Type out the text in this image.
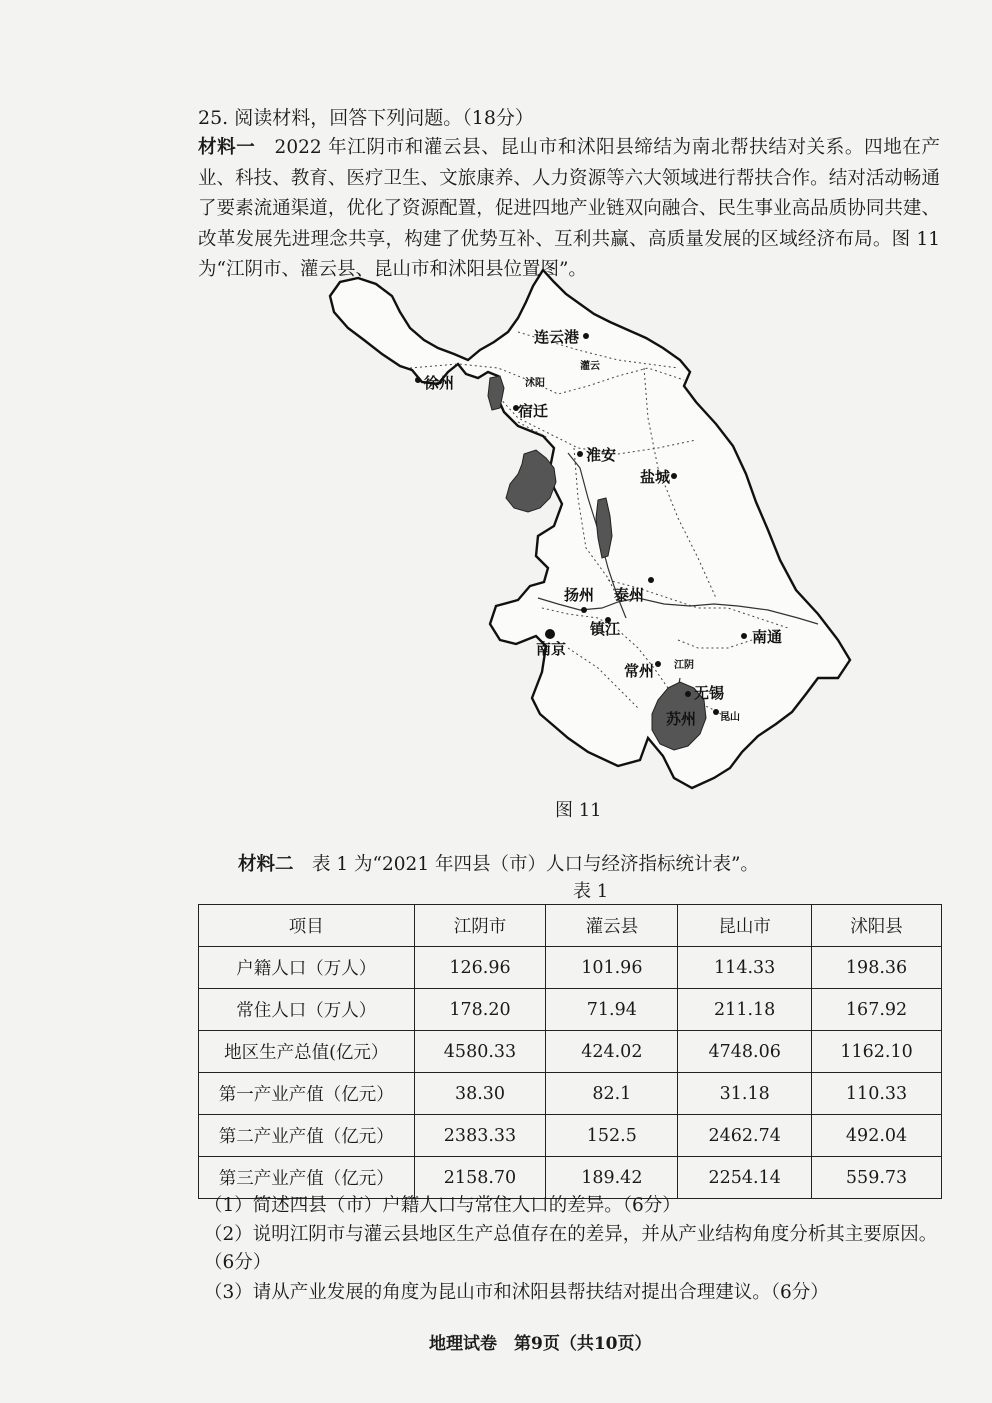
25. 阅读材料，回答下列问题。（18分）
材料一　2022 年江阴市和灌云县、昆山市和沭阳县缔结为南北帮扶结对关系。四地在产业、科技、教育、医疗卫生、文旅康养、人力资源等六大领域进行帮扶合作。结对活动畅通了要素流通渠道，优化了资源配置，促进四地产业链双向融合、民生事业高品质协同共建、改革发展先进理念共享，构建了优势互补、互利共赢、高质量发展的区域经济布局。图 11 为“江阴市、灌云县、昆山市和沭阳县位置图”。
连云港
灌云
沭阳
徐州
宿迁
淮安
盐城
扬州 泰州
镇江
南京
南通
常州 江阴
无锡
苏州 昆山
图 11
材料二　表 1 为“2021 年四县（市）人口与经济指标统计表”。
表 1
项目	江阴市	灌云县	昆山市	沭阳县
户籍人口（万人）	126.96	101.96	114.33	198.36
常住人口（万人）	178.20	71.94	211.18	167.92
地区生产总值(亿元）	4580.33	424.02	4748.06	1162.10
第一产业产值（亿元）	38.30	82.1	31.18	110.33
第二产业产值（亿元）	2383.33	152.5	2462.74	492.04
第三产业产值（亿元）	2158.70	189.42	2254.14	559.73
（1）简述四县（市）户籍人口与常住人口的差异。（6分）
（2）说明江阴市与灌云县地区生产总值存在的差异，并从产业结构角度分析其主要原因。（6分）
（3）请从产业发展的角度为昆山市和沭阳县帮扶结对提出合理建议。（6分）
地理试卷　第9页（共10页）
